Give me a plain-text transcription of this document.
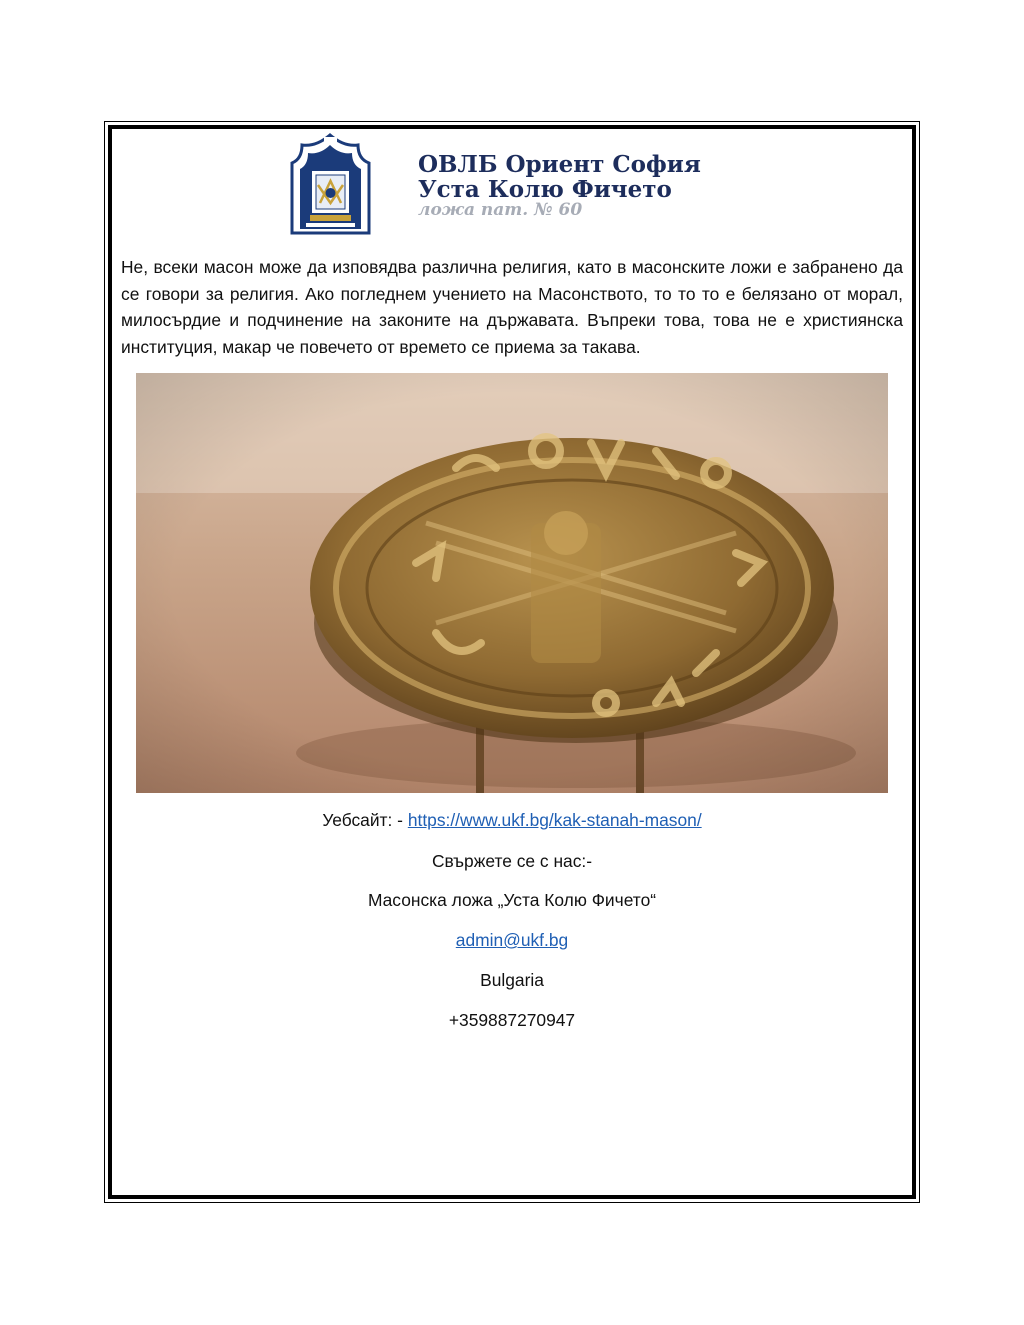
ОВЛБ Ориент София
Уста Колю Фичето
ложа пат. № 60

Не, всеки масон може да изповядва различна религия, като в масонските ложи е забранено да се говори за религия. Ако погледнем учението на Масонството, то то то е белязано от морал, милосърдие и подчинение на законите на държавата. Въпреки това, това не е християнска институция, макар че повечето от времето се приема за такава.

Уебсайт: - https://www.ukf.bg/kak-stanah-mason/
Свържете се с нас:-
Масонска ложа „Уста Колю Фичето“
admin@ukf.bg
Bulgaria
+359887270947
